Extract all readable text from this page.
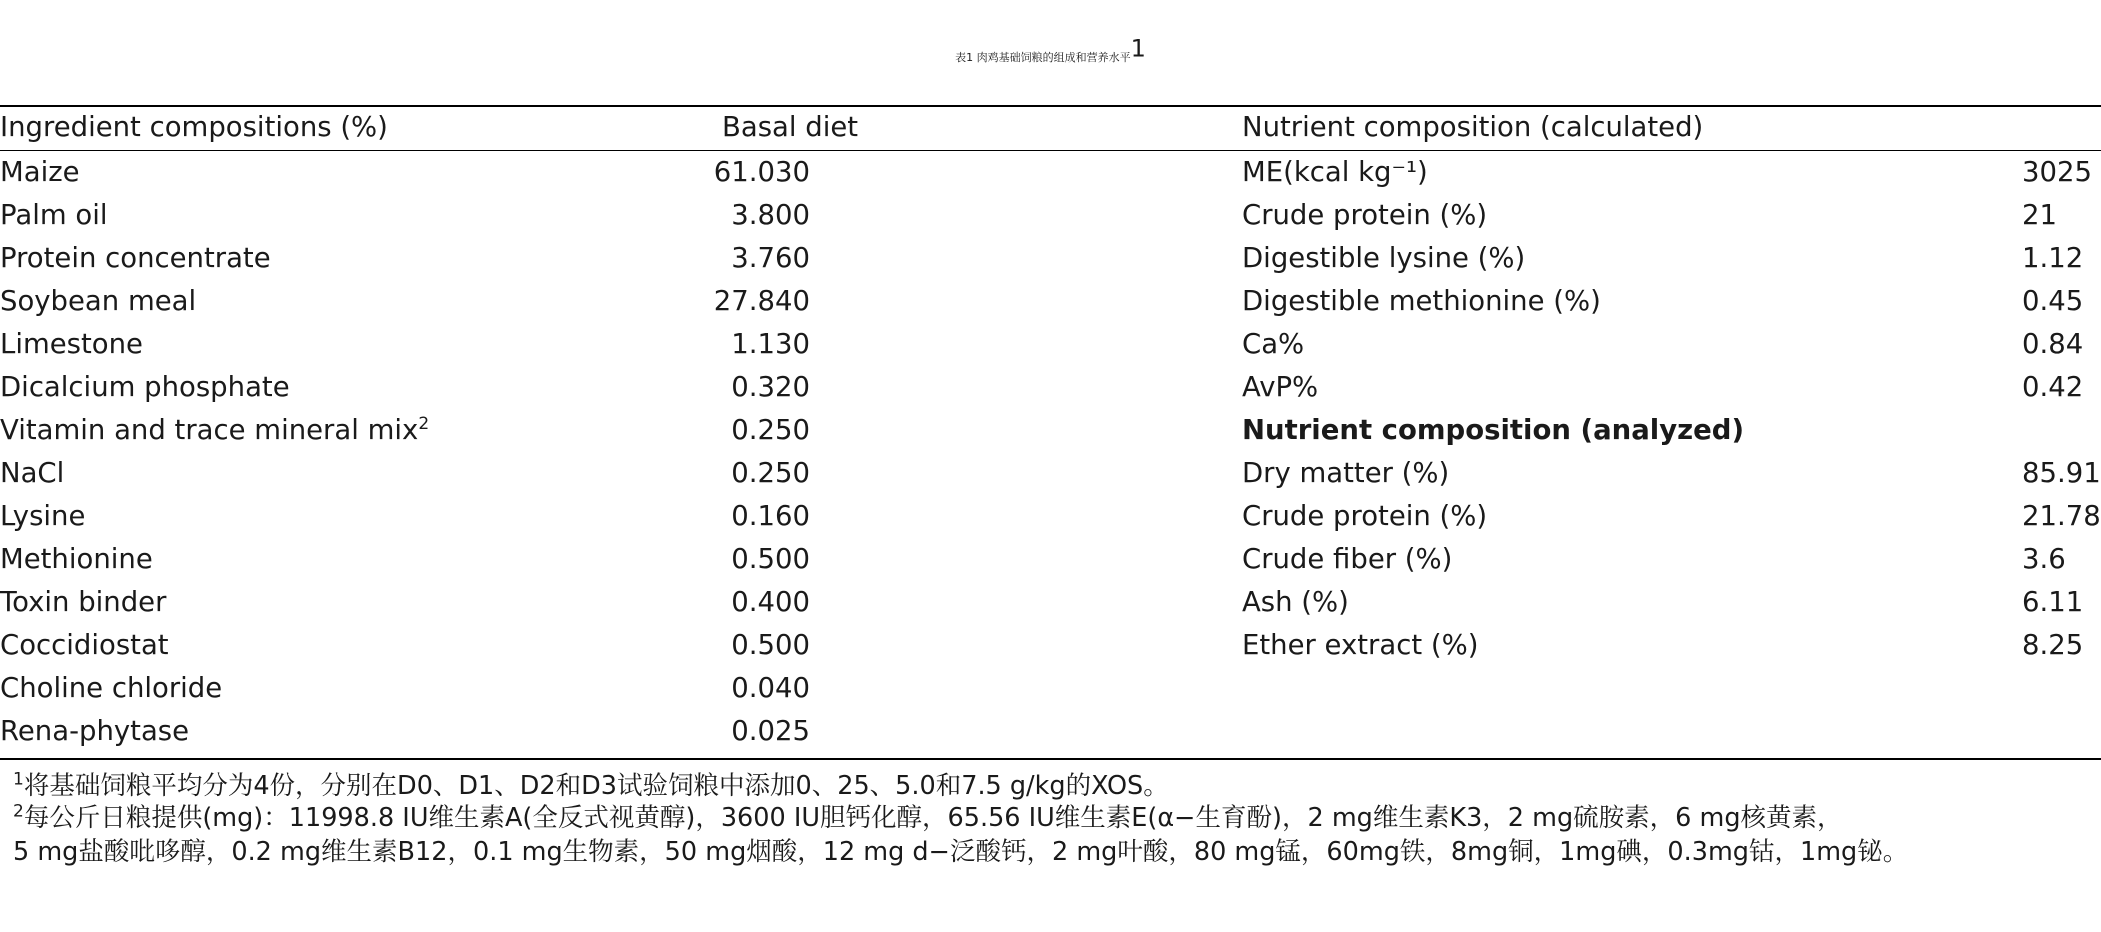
表1 肉鸡基础饲粮的组成和营养水平$^1$
Ingredient compositions (%)	Basal diet	Nutrient composition (calculated)
Maize	61.030	ME(kcal kg⁻¹)	3025
Palm oil	3.800	Crude protein (%)	21
Protein concentrate	3.760	Digestible lysine (%)	1.12
Soybean meal	27.840	Digestible methionine (%)	0.45
Limestone	1.130	Ca%	0.84
Dicalcium phosphate	0.320	AvP%	0.42
Vitamin and trace mineral mix$^2$	0.250	Nutrient composition (analyzed)
NaCl	0.250	Dry matter (%)	85.91
Lysine	0.160	Crude protein (%)	21.78
Methionine	0.500	Crude fiber (%)	3.6
Toxin binder	0.400	Ash (%)	6.11
Coccidiostat	0.500	Ether extract (%)	8.25
Choline chloride	0.040
Rena-phytase	0.025
$^1$将基础饲粮平均分为4份，分别在D0、D1、D2和D3试验饲粮中添加0、25、5.0和7.5 g/kg的XOS。
$^2$每公斤日粮提供(mg)：11998.8 IU维生素A(全反式视黄醇)，3600 IU胆钙化醇，65.56 IU维生素E(α−生育酚)，2 mg维生素K3，2 mg硫胺素，6 mg核黄素，
5 mg盐酸吡哆醇，0.2 mg维生素B12，0.1 mg生物素，50 mg烟酸，12 mg d−泛酸钙，2 mg叶酸，80 mg锰，60mg铁，8mg铜，1mg碘，0.3mg钴，1mg铋。
